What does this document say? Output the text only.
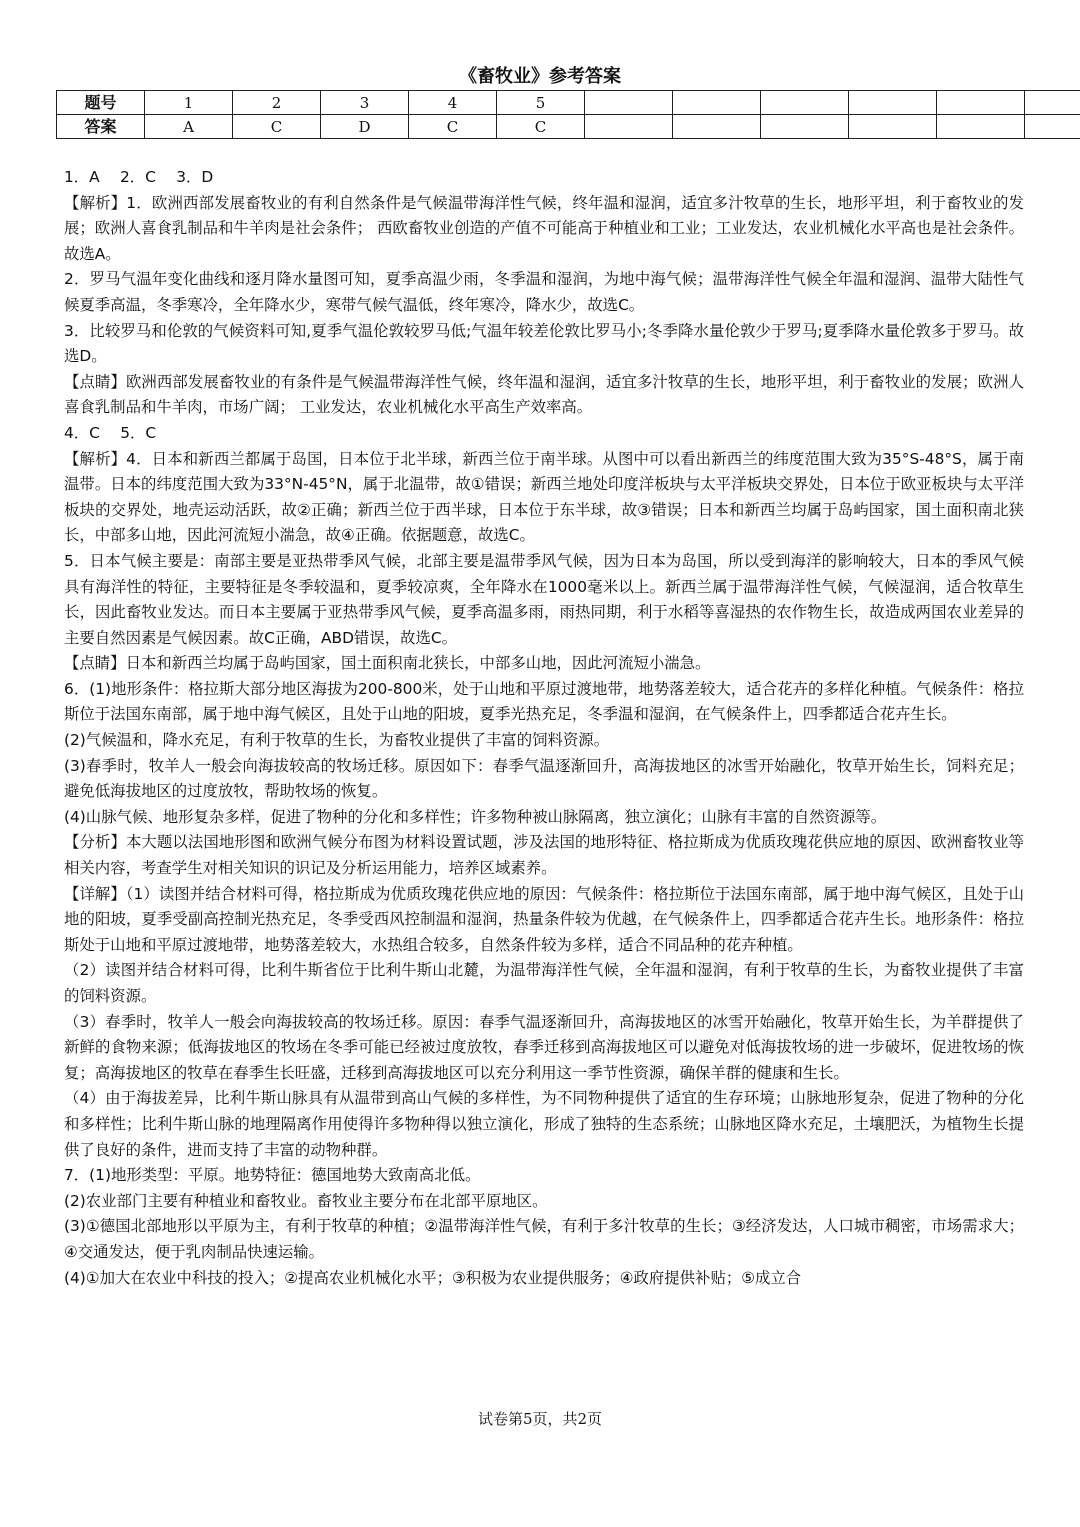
《畜牧业》参考答案
题号	1	2	3	4	5						
答案	A	C	D	C	C						

1．A　 2．C　 3．D

【解析】1．欧洲西部发展畜牧业的有利自然条件是气候温带海洋性气候，终年温和湿润，适宜多汁牧草的生长，地形平坦，利于畜牧业的发展；欧洲人喜食乳制品和牛羊肉是社会条件； 西欧畜牧业创造的产值不可能高于种植业和工业；工业发达，农业机械化水平高也是社会条件。故选A。

2．罗马气温年变化曲线和逐月降水量图可知，夏季高温少雨，冬季温和湿润，为地中海气候；温带海洋性气候全年温和湿润、温带大陆性气候夏季高温，冬季寒冷，全年降水少，寒带气候气温低，终年寒冷，降水少，故选C。

3．比较罗马和伦敦的气候资料可知,夏季气温伦敦较罗马低;气温年较差伦敦比罗马小;冬季降水量伦敦少于罗马;夏季降水量伦敦多于罗马。故选D。

【点睛】欧洲西部发展畜牧业的有条件是气候温带海洋性气候，终年温和湿润，适宜多汁牧草的生长，地形平坦，利于畜牧业的发展；欧洲人喜食乳制品和牛羊肉，市场广阔； 工业发达，农业机械化水平高生产效率高。

4．C　 5．C

【解析】4．日本和新西兰都属于岛国，日本位于北半球，新西兰位于南半球。从图中可以看出新西兰的纬度范围大致为35°S-48°S，属于南温带。日本的纬度范围大致为33°N-45°N，属于北温带，故①错误；新西兰地处印度洋板块与太平洋板块交界处，日本位于欧亚板块与太平洋板块的交界处，地壳运动活跃，故②正确；新西兰位于西半球，日本位于东半球，故③错误；日本和新西兰均属于岛屿国家，国土面积南北狭长，中部多山地，因此河流短小湍急，故④正确。依据题意，故选C。

5．日本气候主要是：南部主要是亚热带季风气候，北部主要是温带季风气候，因为日本为岛国，所以受到海洋的影响较大，日本的季风气候具有海洋性的特征，主要特征是冬季较温和，夏季较凉爽，全年降水在1000毫米以上。新西兰属于温带海洋性气候，气候湿润，适合牧草生长，因此畜牧业发达。而日本主要属于亚热带季风气候，夏季高温多雨，雨热同期，利于水稻等喜湿热的农作物生长，故造成两国农业差异的主要自然因素是气候因素。故C正确，ABD错误，故选C。

【点睛】日本和新西兰均属于岛屿国家，国土面积南北狭长，中部多山地，因此河流短小湍急。

6．(1)地形条件：格拉斯大部分地区海拔为200-800米，处于山地和平原过渡地带，地势落差较大，适合花卉的多样化种植。气候条件：格拉斯位于法国东南部，属于地中海气候区，且处于山地的阳坡，夏季光热充足，冬季温和湿润，在气候条件上，四季都适合花卉生长。

(2)气候温和，降水充足，有利于牧草的生长，为畜牧业提供了丰富的饲料资源。

(3)春季时，牧羊人一般会向海拔较高的牧场迁移。原因如下：春季气温逐渐回升，高海拔地区的冰雪开始融化，牧草开始生长，饲料充足；避免低海拔地区的过度放牧，帮助牧场的恢复。

(4)山脉气候、地形复杂多样，促进了物种的分化和多样性；许多物种被山脉隔离，独立演化；山脉有丰富的自然资源等。

【分析】本大题以法国地形图和欧洲气候分布图为材料设置试题，涉及法国的地形特征、格拉斯成为优质玫瑰花供应地的原因、欧洲畜牧业等相关内容，考查学生对相关知识的识记及分析运用能力，培养区域素养。

【详解】（1）读图并结合材料可得，格拉斯成为优质玫瑰花供应地的原因：气候条件：格拉斯位于法国东南部，属于地中海气候区，且处于山地的阳坡，夏季受副高控制光热充足，冬季受西风控制温和湿润，热量条件较为优越，在气候条件上，四季都适合花卉生长。地形条件：格拉斯处于山地和平原过渡地带，地势落差较大，水热组合较多，自然条件较为多样，适合不同品种的花卉种植。

（2）读图并结合材料可得，比利牛斯省位于比利牛斯山北麓，为温带海洋性气候，全年温和湿润，有利于牧草的生长，为畜牧业提供了丰富的饲料资源。

（3）春季时，牧羊人一般会向海拔较高的牧场迁移。原因：春季气温逐渐回升，高海拔地区的冰雪开始融化，牧草开始生长，为羊群提供了新鲜的食物来源；低海拔地区的牧场在冬季可能已经被过度放牧，春季迁移到高海拔地区可以避免对低海拔牧场的进一步破坏，促进牧场的恢复；高海拔地区的牧草在春季生长旺盛，迁移到高海拔地区可以充分利用这一季节性资源，确保羊群的健康和生长。

（4）由于海拔差异，比利牛斯山脉具有从温带到高山气候的多样性，为不同物种提供了适宜的生存环境；山脉地形复杂，促进了物种的分化和多样性；比利牛斯山脉的地理隔离作用使得许多物种得以独立演化，形成了独特的生态系统；山脉地区降水充足，土壤肥沃，为植物生长提供了良好的条件，进而支持了丰富的动物种群。

7．(1)地形类型：平原。地势特征：德国地势大致南高北低。

(2)农业部门主要有种植业和畜牧业。畜牧业主要分布在北部平原地区。

(3)①德国北部地形以平原为主，有利于牧草的种植；②温带海洋性气候，有利于多汁牧草的生长；③经济发达，人口城市稠密，市场需求大；④交通发达，便于乳肉制品快速运输。

(4)①加大在农业中科技的投入；②提高农业机械化水平；③积极为农业提供服务；④政府提供补贴；⑤成立合

试卷第5页，共2页
